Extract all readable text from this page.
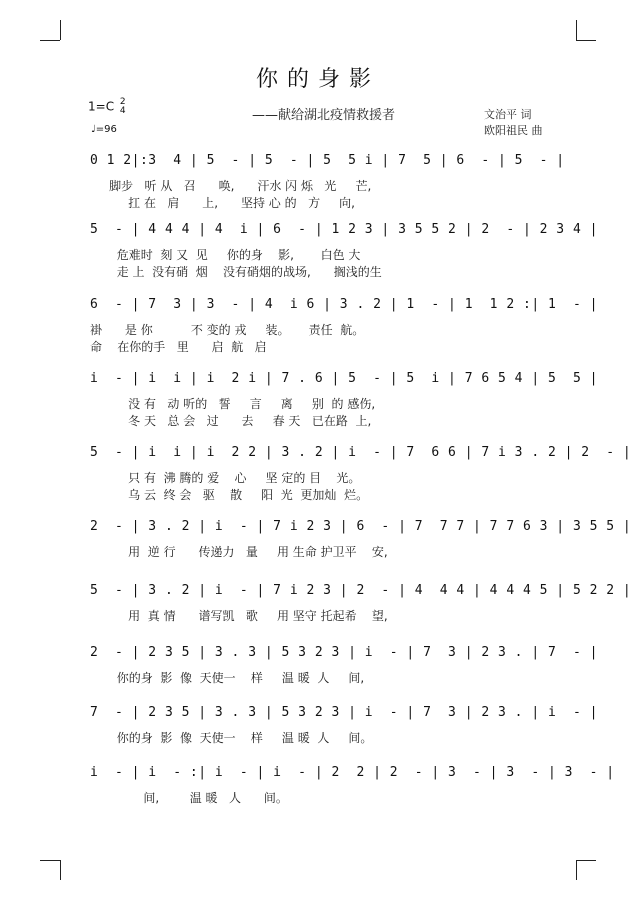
你的身影
——献给湖北疫情救援者	文治平 词
欧阳祖民 曲
1=C 2
4
♩=96
0 1 2|:3  4 | 5  - | 5  - | 5  5 i | 7  5 | 6  - | 5  - |
脚步   听 从   召      唤,      汗水 闪 烁   光     芒,
扛 在   肩      上,      坚持 心 的   方     向,
5  - | 4 4 4 | 4  i | 6  - | 1 2 3 | 3 5 5 2 | 2  - | 2 3 4 |
危难时  刻 又  见     你的身    影,       白色 大
走 上  没有硝  烟    没有硝烟的战场,      搁浅的生
6  - | 7  3 | 3  - | 4  i 6 | 3 . 2 | 1  - | 1  1 2 :| 1  - |
褂      是 你          不 变的 戎     装。     责任  航。
命    在你的手   里      启  航   启
i  - | i  i | i  2 i | 7 . 6 | 5  - | 5  i | 7 6 5 4 | 5  5 |
没 有   动 听的   誓     言     离     别  的 感伤,
冬 天   总 会   过      去     春 天   已在路  上,
5  - | i  i | i  2 2 | 3 . 2 | i  - | 7  6 6 | 7 i 3 . 2 | 2  - |
只 有  沸 腾的 爱    心     坚 定的 目    光。
乌 云  终 会   驱    散     阳  光  更加灿  烂。
2  - | 3 . 2 | i  - | 7 i 2 3 | 6  - | 7  7 7 | 7 7 6 3 | 3 5 5 |
用  逆 行      传递力   量     用 生命 护卫平    安,
5  - | 3 . 2 | i  - | 7 i 2 3 | 2  - | 4  4 4 | 4 4 4 5 | 5 2 2 |
用  真 情      谱写凯   歌     用 坚守 托起希    望,
2  - | 2 3 5 | 3 . 3 | 5 3 2 3 | i  - | 7  3 | 2 3 . | 7  - |
你的身  影  像  天使一    样     温 暖  人     间,
7  - | 2 3 5 | 3 . 3 | 5 3 2 3 | i  - | 7  3 | 2 3 . | i  - |
你的身  影  像  天使一    样     温 暖  人     间。
i  - | i  - :| i  - | i  - | 2  2 | 2  - | 3  - | 3  - | 3  - |
间,        温 暖   人      间。
